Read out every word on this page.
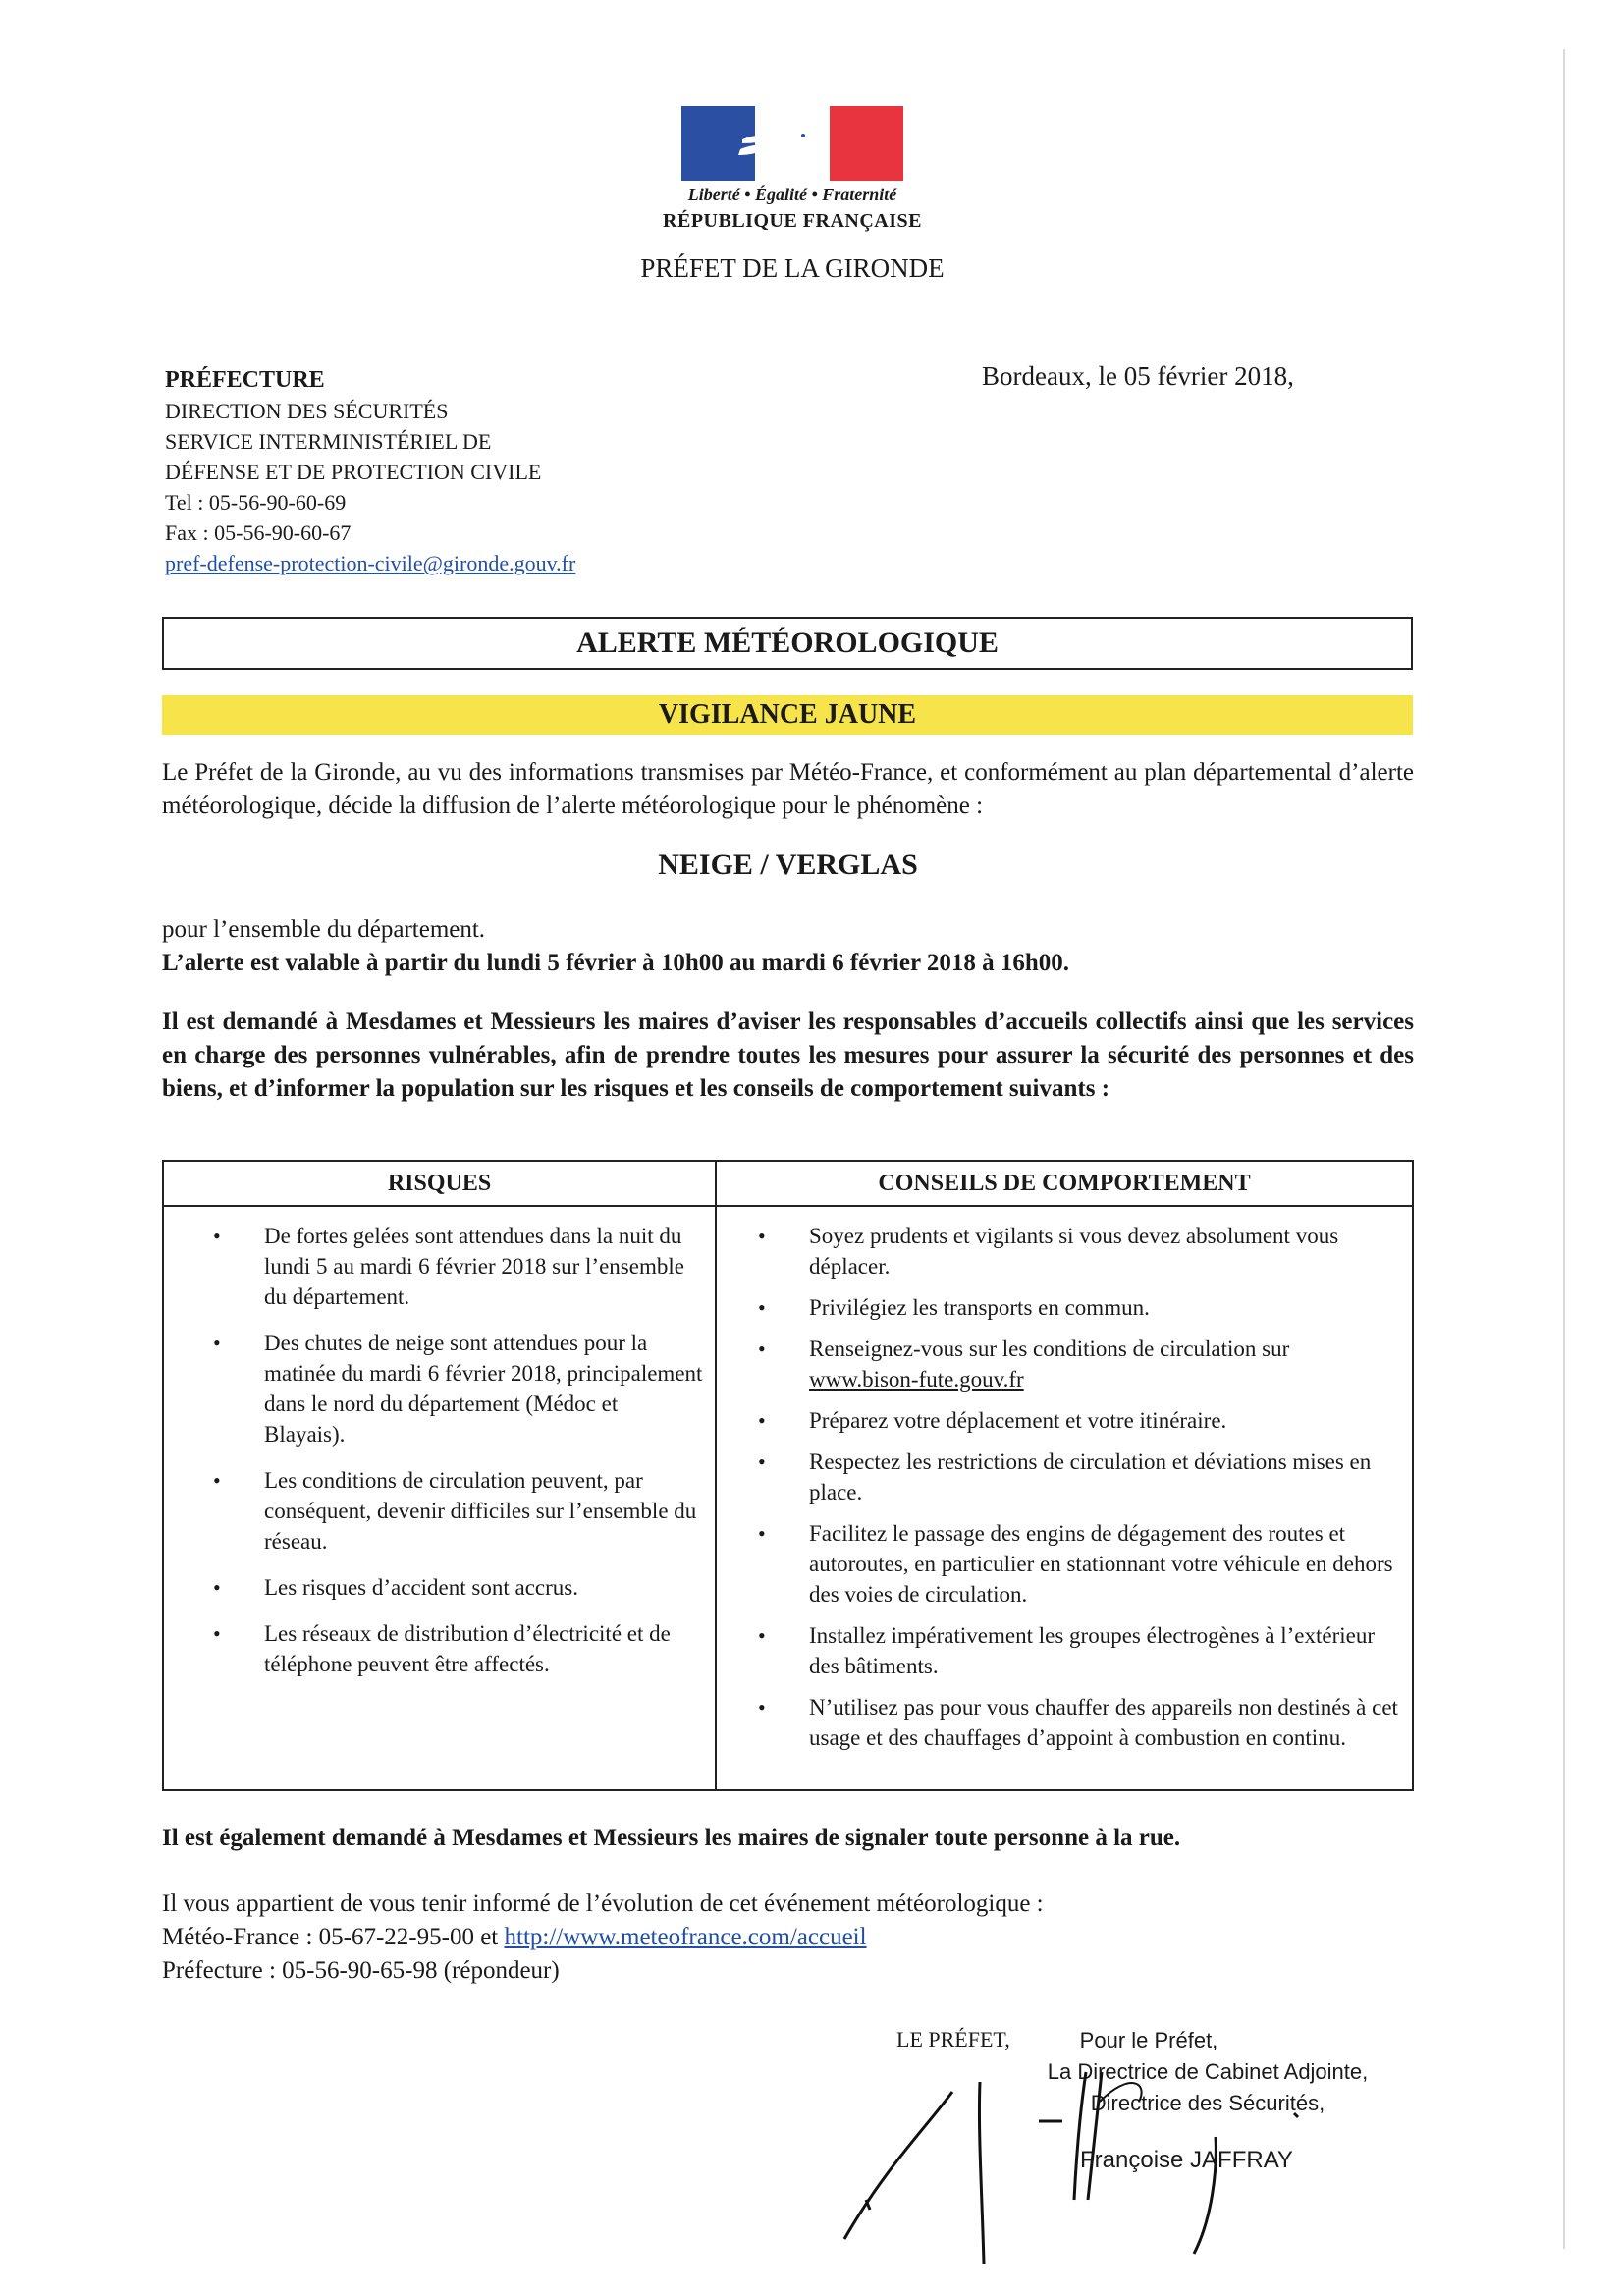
Liberté • Égalité • Fraternité
RÉPUBLIQUE FRANÇAISE
PRÉFET DE LA GIRONDE
PRÉFECTURE
DIRECTION DES SÉCURITÉS
SERVICE INTERMINISTÉRIEL DE
DÉFENSE ET DE PROTECTION CIVILE
Tel : 05-56-90-60-69
Fax : 05-56-90-60-67
pref-defense-protection-civile@gironde.gouv.fr
Bordeaux, le 05 février 2018,
ALERTE MÉTÉOROLOGIQUE
VIGILANCE JAUNE
Le Préfet de la Gironde, au vu des informations transmises par Météo-France, et conformément au plan départemental d’alerte météorologique, décide la diffusion de l’alerte météorologique pour le phénomène :
NEIGE / VERGLAS
pour l’ensemble du département.
L’alerte est valable à partir du lundi 5 février à 10h00 au mardi 6 février 2018 à 16h00.
Il est demandé à Mesdames et Messieurs les maires d’aviser les responsables d’accueils collectifs ainsi que les services en charge des personnes vulnérables, afin de prendre toutes les mesures pour assurer la sécurité des personnes et des biens, et d’informer la population sur les risques et les conseils de comportement suivants :
RISQUES	CONSEILS DE COMPORTEMENT
• De fortes gelées sont attendues dans la nuit du lundi 5 au mardi 6 février 2018 sur l’ensemble du département.
• Des chutes de neige sont attendues pour la matinée du mardi 6 février 2018, principalement dans le nord du département (Médoc et Blayais).
• Les conditions de circulation peuvent, par conséquent, devenir difficiles sur l’ensemble du réseau.
• Les risques d’accident sont accrus.
• Les réseaux de distribution d’électricité et de téléphone peuvent être affectés.
• Soyez prudents et vigilants si vous devez absolument vous déplacer.
• Privilégiez les transports en commun.
• Renseignez-vous sur les conditions de circulation sur
www.bison-fute.gouv.fr
• Préparez votre déplacement et votre itinéraire.
• Respectez les restrictions de circulation et déviations mises en place.
• Facilitez le passage des engins de dégagement des routes et autoroutes, en particulier en stationnant votre véhicule en dehors des voies de circulation.
• Installez impérativement les groupes électrogènes à l’extérieur des bâtiments.
• N’utilisez pas pour vous chauffer des appareils non destinés à cet usage et des chauffages d’appoint à combustion en continu.
Il est également demandé à Mesdames et Messieurs les maires de signaler toute personne à la rue.
Il vous appartient de vous tenir informé de l’évolution de cet événement météorologique :
Météo-France : 05-67-22-95-00 et http://www.meteofrance.com/accueil
Préfecture : 05-56-90-65-98 (répondeur)
LE PRÉFET,	Pour le Préfet,
La Directrice de Cabinet Adjointe,
Directrice des Sécurités,
Françoise JAFFRAY
